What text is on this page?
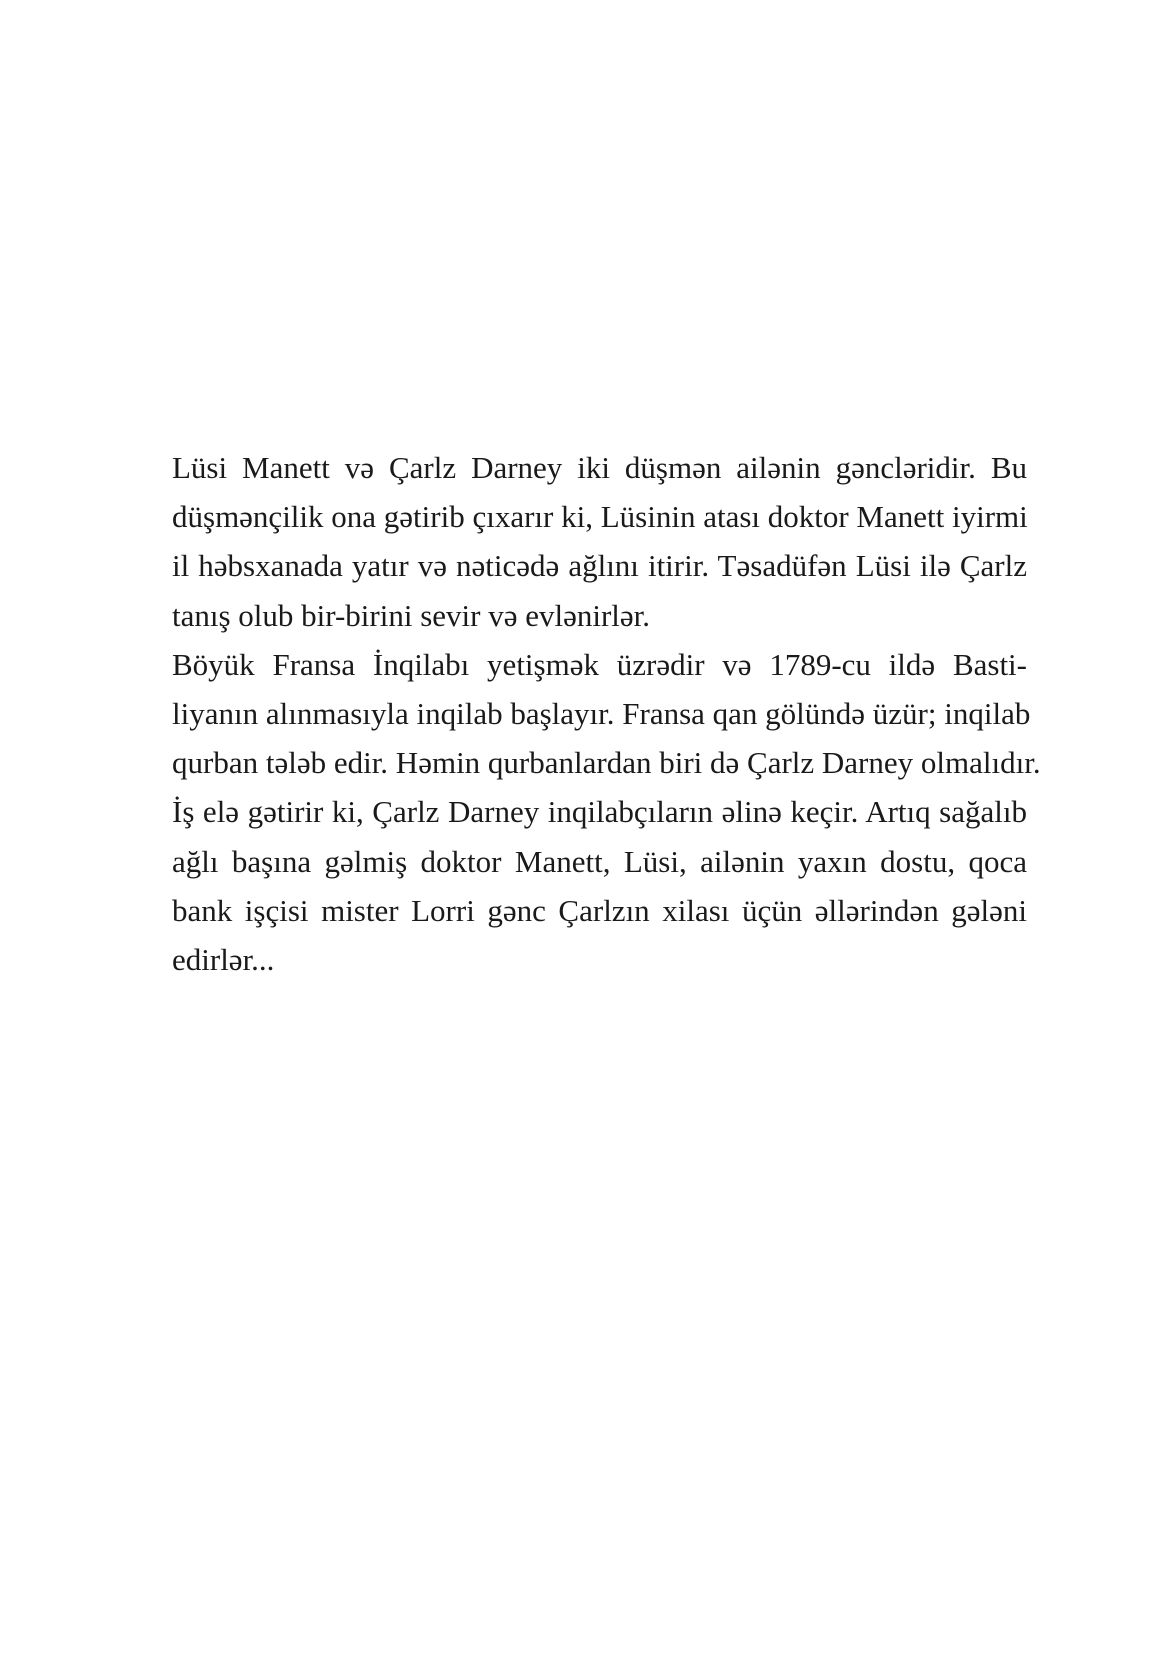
Lüsi Manett və Çarlz Darney iki düşmən ailənin gəncləridir. Bu
düşmənçilik ona gətirib çıxarır ki, Lüsinin atası doktor Manett iyirmi
il həbsxanada yatır və nəticədə ağlını itirir. Təsadüfən Lüsi ilə Çarlz
tanış olub bir-birini sevir və evlənirlər.

Böyük Fransa İnqilabı yetişmək üzrədir və 1789-cu ildə Basti-
liyanın alınmasıyla inqilab başlayır. Fransa qan gölündə üzür; inqilab
qurban tələb edir. Həmin qurbanlardan biri də Çarlz Darney olmalıdır.
İş elə gətirir ki, Çarlz Darney inqilabçıların əlinə keçir. Artıq sağalıb
ağlı başına gəlmiş doktor Manett, Lüsi, ailənin yaxın dostu, qoca
bank işçisi mister Lorri gənc Çarlzın xilası üçün əllərindən gələni
edirlər...
